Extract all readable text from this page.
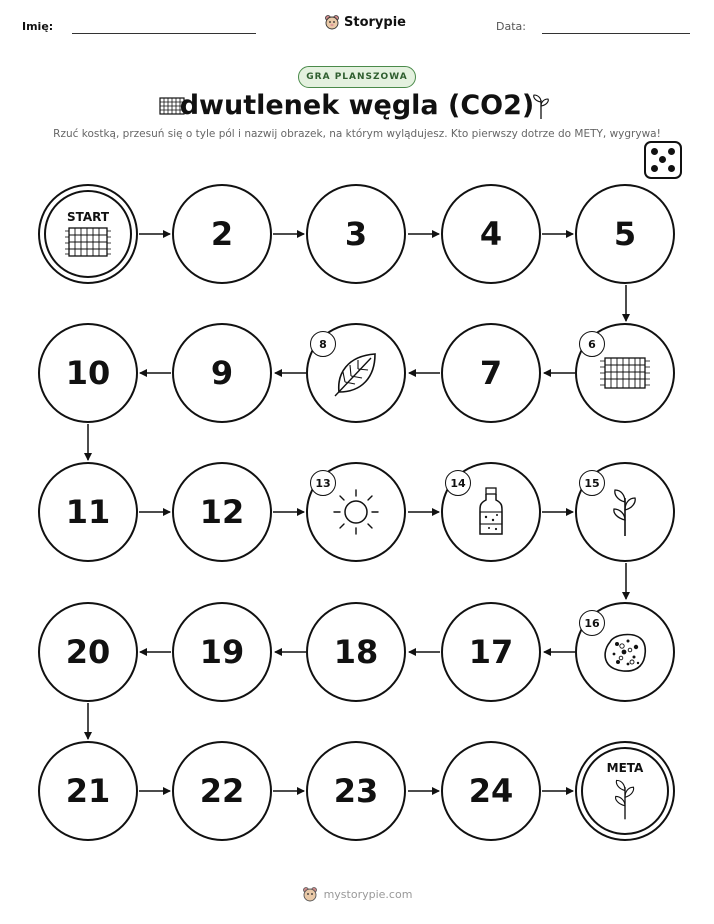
Imię:	Storypie	Data:
GRA PLANSZOWA
dwutlenek węgla (CO2)
Rzuć kostką, przesuń się o tyle pól i nazwij obrazek, na którym wylądujesz. Kto pierwszy dotrze do METY, wygrywa!
START	2	3	4	5
10	9
8
7
6
11	12
13	14	15
20	19	18	17
16
21	22	23	24
META
mystorypie.com
